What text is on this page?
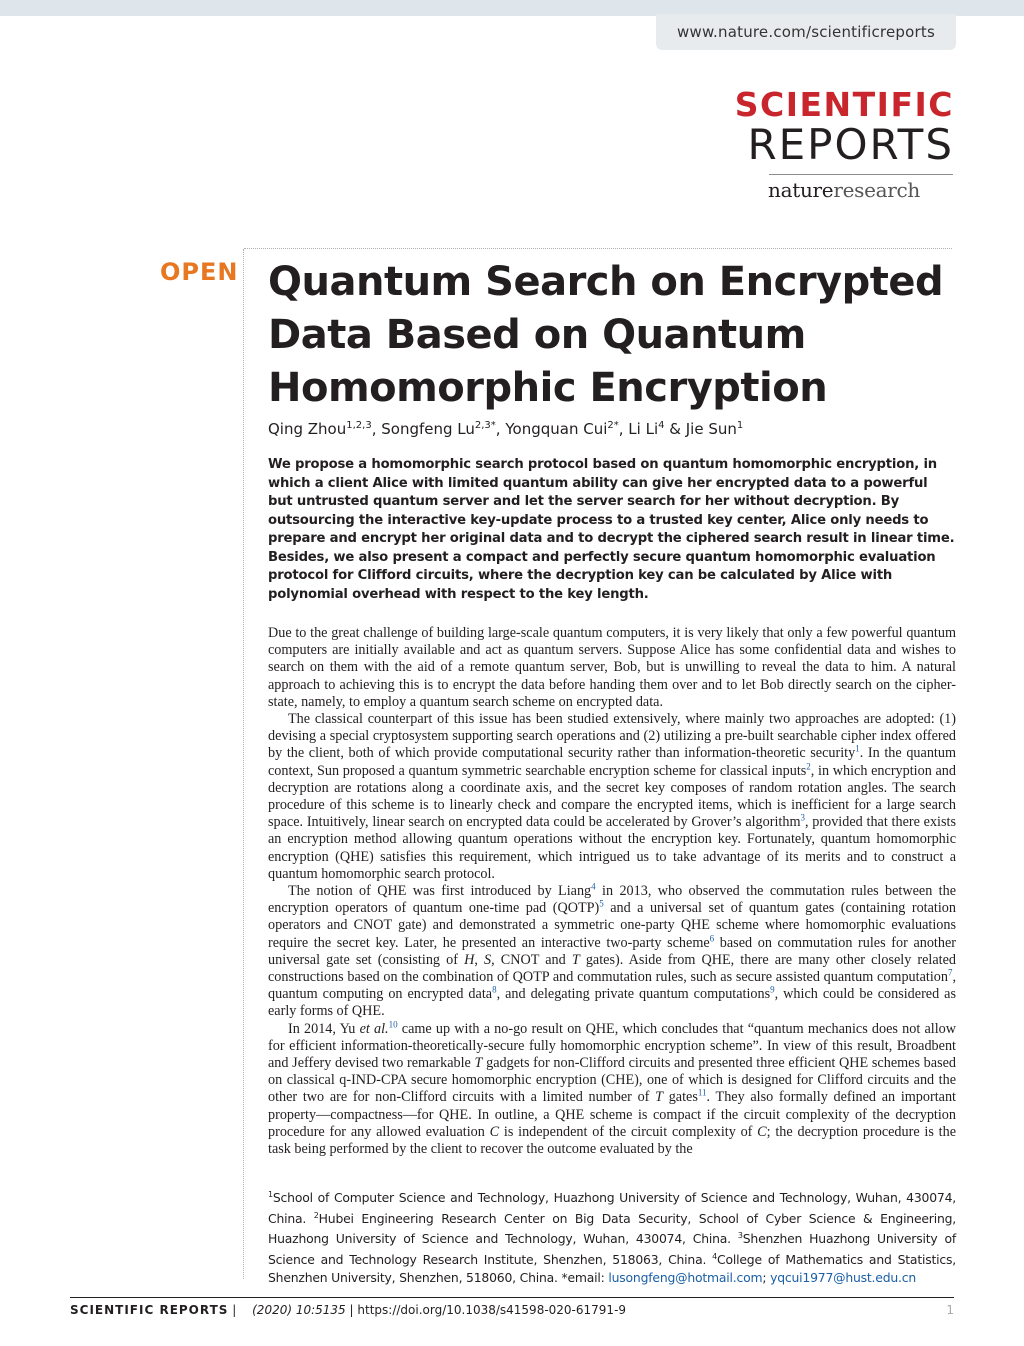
www.nature.com/scientificreports
SCIENTIFIC
REPORTS
natureresearch
OPEN Quantum Search on Encrypted Data Based on Quantum Homomorphic Encryption
Qing Zhou$^{1,2,3}$, Songfeng $Lu^{2,3*}$, Yongquan Cui$^{2*}$, Li Li$^4$ & Jie Sun$^1$

We propose a homomorphic search protocol based on quantum homomorphic encryption, in which a client Alice with limited quantum ability can give her encrypted data to a powerful but untrusted quantum server and let the server search for her without decryption. By outsourcing the interactive key-update process to a trusted key center, Alice only needs to prepare and encrypt her original data and to decrypt the ciphered search result in linear time. Besides, we also present a compact and perfectly secure quantum homomorphic evaluation protocol for Clifford circuits, where the decryption key can be calculated by Alice with polynomial overhead with respect to the key length.

Due to the great challenge of building large-scale quantum computers, it is very likely that only a few powerful quantum computers are initially available and act as quantum servers. Suppose Alice has some confidential data and wishes to search on them with the aid of a remote quantum server, Bob, but is unwilling to reveal the data to him. A natural approach to achieving this is to encrypt the data before handing them over and to let Bob directly search on the cipher-state, namely, to employ a quantum search scheme on encrypted data.

The classical counterpart of this issue has been studied extensively, where mainly two approaches are adopted: (1) devising a special cryptosystem supporting search operations and (2) utilizing a pre-built searchable cipher index offered by the client, both of which provide computational security rather than information-theoretic security$^1$. In the quantum context, Sun proposed a quantum symmetric searchable encryption scheme for classical inputs$^2$, in which encryption and decryption are rotations along a coordinate axis, and the secret key composes of random rotation angles. The search procedure of this scheme is to linearly check and compare the encrypted items, which is inefficient for a large search space. Intuitively, linear search on encrypted data could be accelerated by Grover’s algorithm$^3$, provided that there exists an encryption method allowing quantum operations without the encryption key. Fortunately, quantum homomorphic encryption (QHE) satisfies this requirement, which intrigued us to take advantage of its merits and to construct a quantum homomorphic search protocol.

The notion of QHE was first introduced by Liang$^4$ in 2013, who observed the commutation rules between the encryption operators of quantum one-time pad (QOTP)$^5$ and a universal set of quantum gates (containing rotation operators and CNOT gate) and demonstrated a symmetric one-party QHE scheme where homomorphic evaluations require the secret key. Later, he presented an interactive two-party scheme$^6$ based on commutation rules for another universal gate set (consisting of H, S, CNOT and T gates). Aside from QHE, there are many other closely related constructions based on the combination of QOTP and commutation rules, such as secure assisted quantum computation$^7$, quantum computing on encrypted data$^8$, and delegating private quantum computations$^9$, which could be considered as early forms of QHE.

In 2014, Yu et al.$^{10}$ came up with a no-go result on QHE, which concludes that “quantum mechanics does not allow for efficient information-theoretically-secure fully homomorphic encryption scheme”. In view of this result, Broadbent and Jeffery devised two remarkable T gadgets for non-Clifford circuits and presented three efficient QHE schemes based on classical q-IND-CPA secure homomorphic encryption (CHE), one of which is designed for Clifford circuits and the other two are for non-Clifford circuits with a limited number of T gates$^{11}$. They also formally defined an important property—compactness—for QHE. In outline, a QHE scheme is compact if the circuit complexity of the decryption procedure for any allowed evaluation C is independent of the circuit complexity of C; the decryption procedure is the task being performed by the client to recover the outcome evaluated by the

$^1$School of Computer Science and Technology, Huazhong University of Science and Technology, Wuhan, 430074, China. $^2$Hubei Engineering Research Center on Big Data Security, School of Cyber Science & Engineering, Huazhong University of Science and Technology, Wuhan, 430074, China. $^3$Shenzhen Huazhong University of Science and Technology Research Institute, Shenzhen, 518063, China. $^4$College of Mathematics and Statistics, Shenzhen University, Shenzhen, 518060, China. *email: lusongfeng@hotmail.com; yqcui1977@hust.edu.cn
SCIENTIFIC REPORTS | (2020) 10:5135 | https://doi.org/10.1038/s41598-020-61791-9	1
